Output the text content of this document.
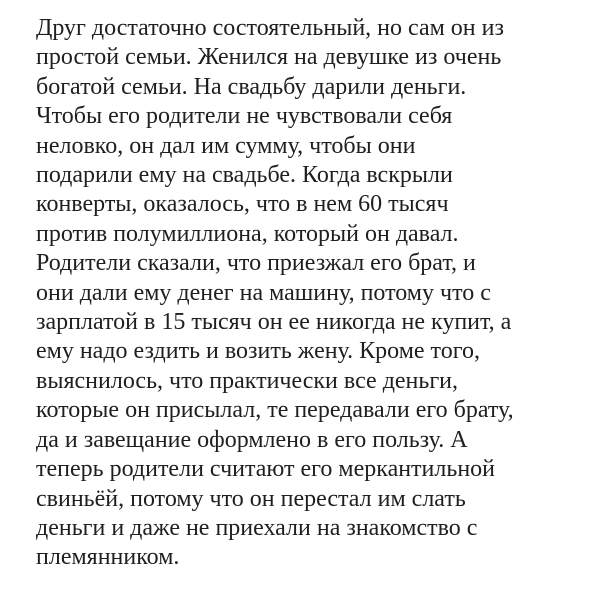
Друг достаточно состоятельный, но сам он из
простой семьи. Женился на девушке из очень
богатой семьи. На свадьбу дарили деньги.
Чтобы его родители не чувствовали себя
неловко, он дал им сумму, чтобы они
подарили ему на свадьбе. Когда вскрыли
конверты, оказалось, что в нем 60 тысяч
против полумиллиона, который он давал.
Родители сказали, что приезжал его брат, и
они дали ему денег на машину, потому что с
зарплатой в 15 тысяч он ее никогда не купит, а
ему надо ездить и возить жену. Кроме того,
выяснилось, что практически все деньги,
которые он присылал, те передавали его брату,
да и завещание оформлено в его пользу. А
теперь родители считают его меркантильной
свиньёй, потому что он перестал им слать
деньги и даже не приехали на знакомство с
племянником.
